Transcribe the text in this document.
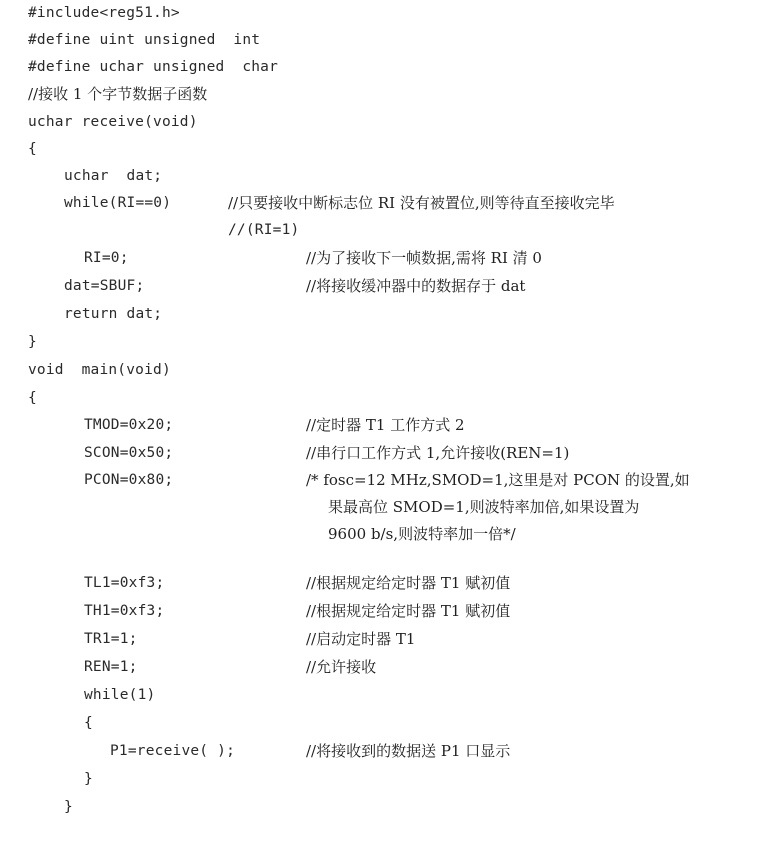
#include<reg51.h>
#define uint unsigned  int
#define uchar unsigned  char
//接收 1 个字节数据子函数
uchar receive(void)
{
uchar  dat;
while(RI==0)	//只要接收中断标志位 RI 没有被置位,则等待直至接收完毕
//(RI=1)
RI=0;	//为了接收下一帧数据,需将 RI 清 0
dat=SBUF;	//将接收缓冲器中的数据存于 dat
return dat;
}
void  main(void)
{
TMOD=0x20;	//定时器 T1 工作方式 2
SCON=0x50;	//串行口工作方式 1,允许接收(REN=1)
PCON=0x80;	/* fosc=12 MHz,SMOD=1,这里是对 PCON 的设置,如
果最高位 SMOD=1,则波特率加倍,如果设置为
9600 b/s,则波特率加一倍*/
TL1=0xf3;	//根据规定给定时器 T1 赋初值
TH1=0xf3;	//根据规定给定时器 T1 赋初值
TR1=1;	//启动定时器 T1
REN=1;	//允许接收
while(1)
{
P1=receive( );	//将接收到的数据送 P1 口显示
}
}
